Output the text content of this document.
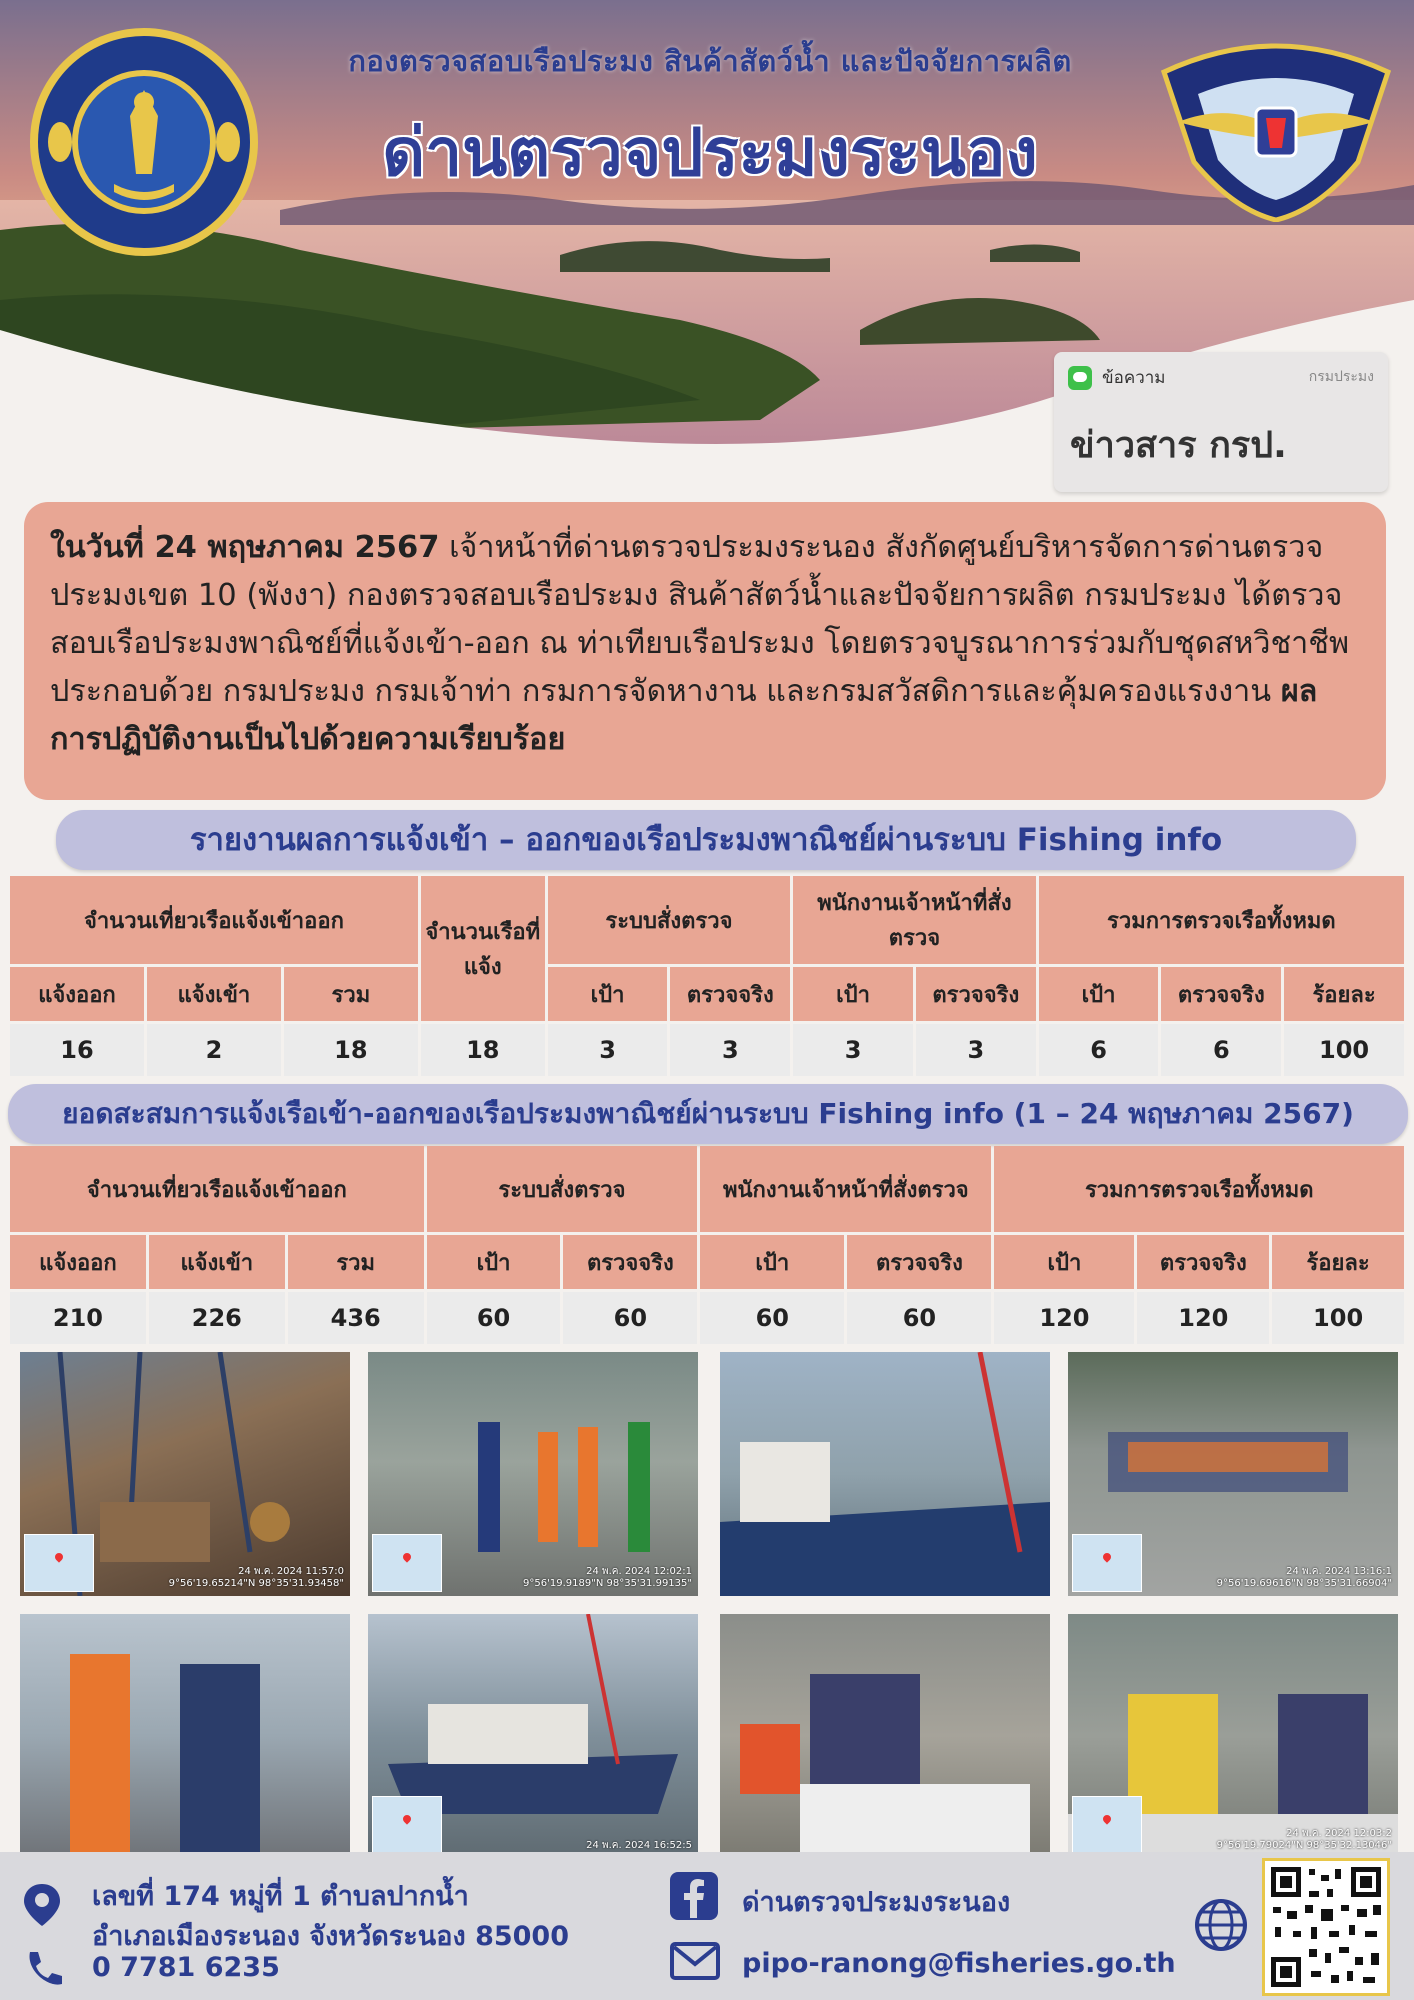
กองตรวจสอบเรือประมง สินค้าสัตว์น้ำ และปัจจัยการผลิต
ด่านตรวจประมงระนอง
ข้อความ	กรมประมง
ข่าวสาร กรป.
ในวันที่ 24 พฤษภาคม 2567 เจ้าหน้าที่ด่านตรวจประมงระนอง สังกัดศูนย์บริหารจัดการด่านตรวจประมงเขต 10 (พังงา) กองตรวจสอบเรือประมง สินค้าสัตว์น้ำและปัจจัยการผลิต กรมประมง ได้ตรวจสอบเรือประมงพาณิชย์ที่แจ้งเข้า-ออก ณ ท่าเทียบเรือประมง โดยตรวจบูรณาการร่วมกับชุดสหวิชาชีพ ประกอบด้วย กรมประมง กรมเจ้าท่า กรมการจัดหางาน และกรมสวัสดิการและคุ้มครองแรงงาน ผลการปฏิบัติงานเป็นไปด้วยความเรียบร้อย
รายงานผลการแจ้งเข้า – ออกของเรือประมงพาณิชย์ผ่านระบบ Fishing info
จำนวนเที่ยวเรือแจ้งเข้าออก			จำนวนเรือที่แจ้ง	ระบบสั่งตรวจ		พนักงานเจ้าหน้าที่สั่งตรวจ		รวมการตรวจเรือทั้งหมด		
แจ้งออก	แจ้งเข้า	รวม		เป้า	ตรวจจริง	เป้า	ตรวจจริง	เป้า	ตรวจจริง	ร้อยละ
16	2	18	18	3	3	3	3	6	6	100
ยอดสะสมการแจ้งเรือเข้า-ออกของเรือประมงพาณิชย์ผ่านระบบ Fishing info (1 – 24 พฤษภาคม 2567)
จำนวนเที่ยวเรือแจ้งเข้าออก			ระบบสั่งตรวจ		พนักงานเจ้าหน้าที่สั่งตรวจ		รวมการตรวจเรือทั้งหมด		
แจ้งออก	แจ้งเข้า	รวม	เป้า	ตรวจจริง	เป้า	ตรวจจริง	เป้า	ตรวจจริง	ร้อยละ
210	226	436	60	60	60	60	120	120	100
24 พ.ค. 2024 11:57:0
9°56'19.65214"N 98°35'31.93458"
24 พ.ค. 2024 12:02:1
9°56'19.9189"N 98°35'31.99135"
24 พ.ค. 2024 13:16:1
9°56'19.69616"N 98°35'31.66904"
24 พ.ค. 2024 16:52:5
24 พ.ค. 2024 12:03:2
9°56'19.79024"N 98°35'32.13046"
เลขที่ 174 หมู่ที่ 1 ตำบลปากน้ำ
อำเภอเมืองระนอง จังหวัดระนอง 85000
0 7781 6235
ด่านตรวจประมงระนอง
pipo-ranong@fisheries.go.th
